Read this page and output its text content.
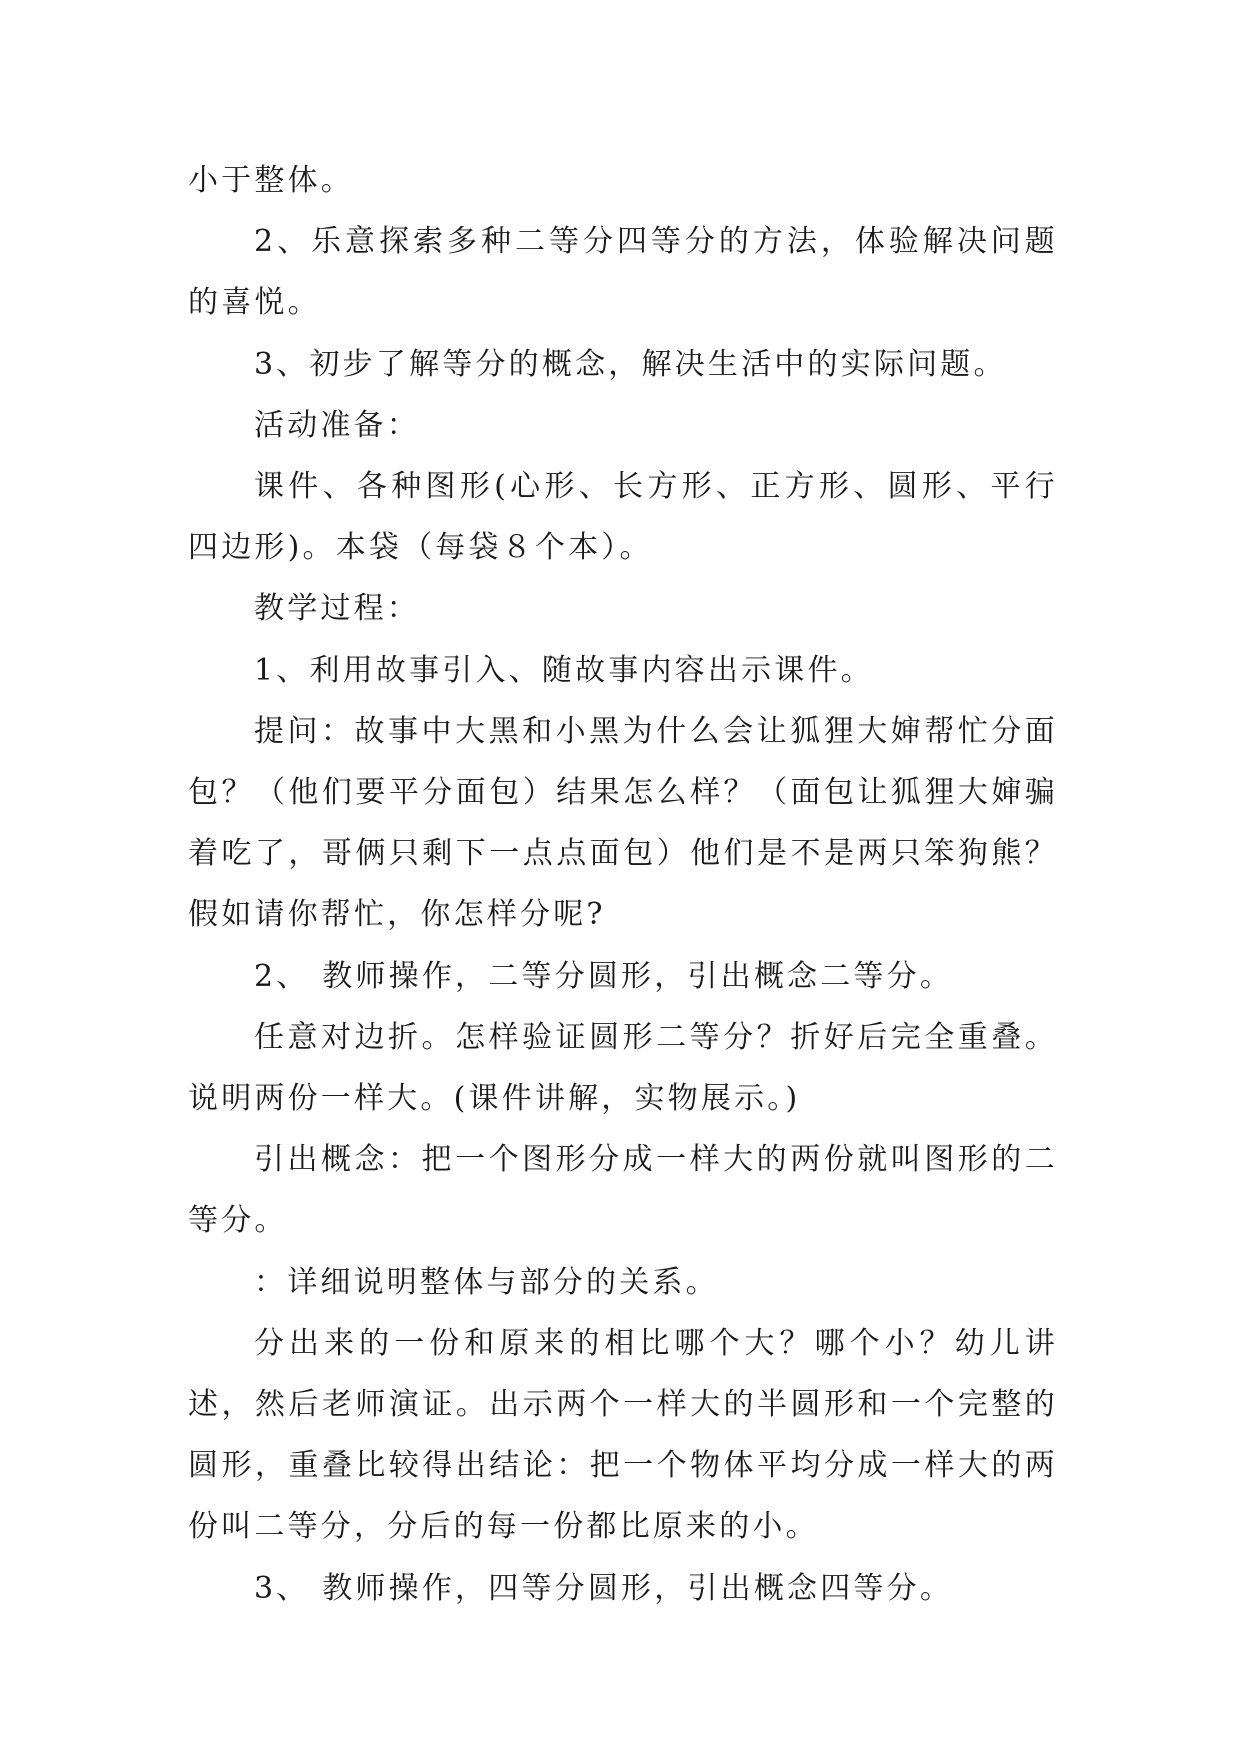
小于整体。

2、乐意探索多种二等分四等分的方法，体验解决问题的喜悦。

3、初步了解等分的概念，解决生活中的实际问题。

活动准备：

课件、各种图形(心形、长方形、正方形、圆形、平行四边形)。本袋（每袋８个本）。

教学过程：

1、利用故事引入、随故事内容出示课件。

提问：故事中大黑和小黑为什么会让狐狸大婶帮忙分面包？（他们要平分面包）结果怎么样？（面包让狐狸大婶骗着吃了，哥俩只剩下一点点面包）他们是不是两只笨狗熊？假如请你帮忙，你怎样分呢?

2、 教师操作，二等分圆形，引出概念二等分。

任意对边折。怎样验证圆形二等分？折好后完全重叠。说明两份一样大。(课件讲解，实物展示。)

引出概念：把一个图形分成一样大的两份就叫图形的二等分。

：详细说明整体与部分的关系。

分出来的一份和原来的相比哪个大？哪个小？幼儿讲述，然后老师演证。出示两个一样大的半圆形和一个完整的圆形，重叠比较得出结论：把一个物体平均分成一样大的两份叫二等分，分后的每一份都比原来的小。

3、 教师操作，四等分圆形，引出概念四等分。
